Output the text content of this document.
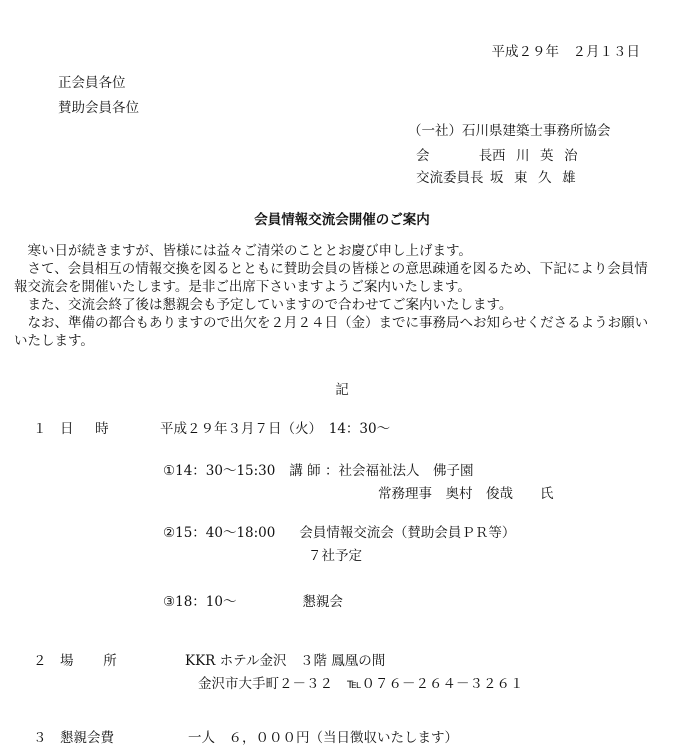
平成２９年　２月１３日
正会員各位
賛助会員各位
（一社）石川県建築士事務所協会
会　　長
西川英治
交流委員長 坂東久雄
会員情報交流会開催のご案内

　寒い日が続きますが、皆様には益々ご清栄のこととお慶び申し上げます。

　さて、会員相互の情報交換を図るとともに賛助会員の皆様との意思疎通を図るため、下記により会員情報交流会を開催いたします。是非ご出席下さいますようご案内いたします。

　また、交流会終了後は懇親会も予定していますので合わせてご案内いたします。

　なお、準備の都合もありますので出欠を２月２４日（金）までに事務局へお知らせくださるようお願いいたします。

記
１ 日時 平成２９年３月７日（火）　14：30～
①14：30～15:30 講 師 ：社会福祉法人　佛子園
常務理事　奥村　俊哉　　氏
②15：40～18:00 会員情報交流会（賛助会員ＰＲ等）
７社予定
③18：10～	懇親会
２ 場所	KKR ホテル金沢　３階 鳳凰の間
金沢市大手町２－３２ ℡０７６－２６４－３２６１
３ 懇親会費	一人　６，０００円（当日徴収いたします）
